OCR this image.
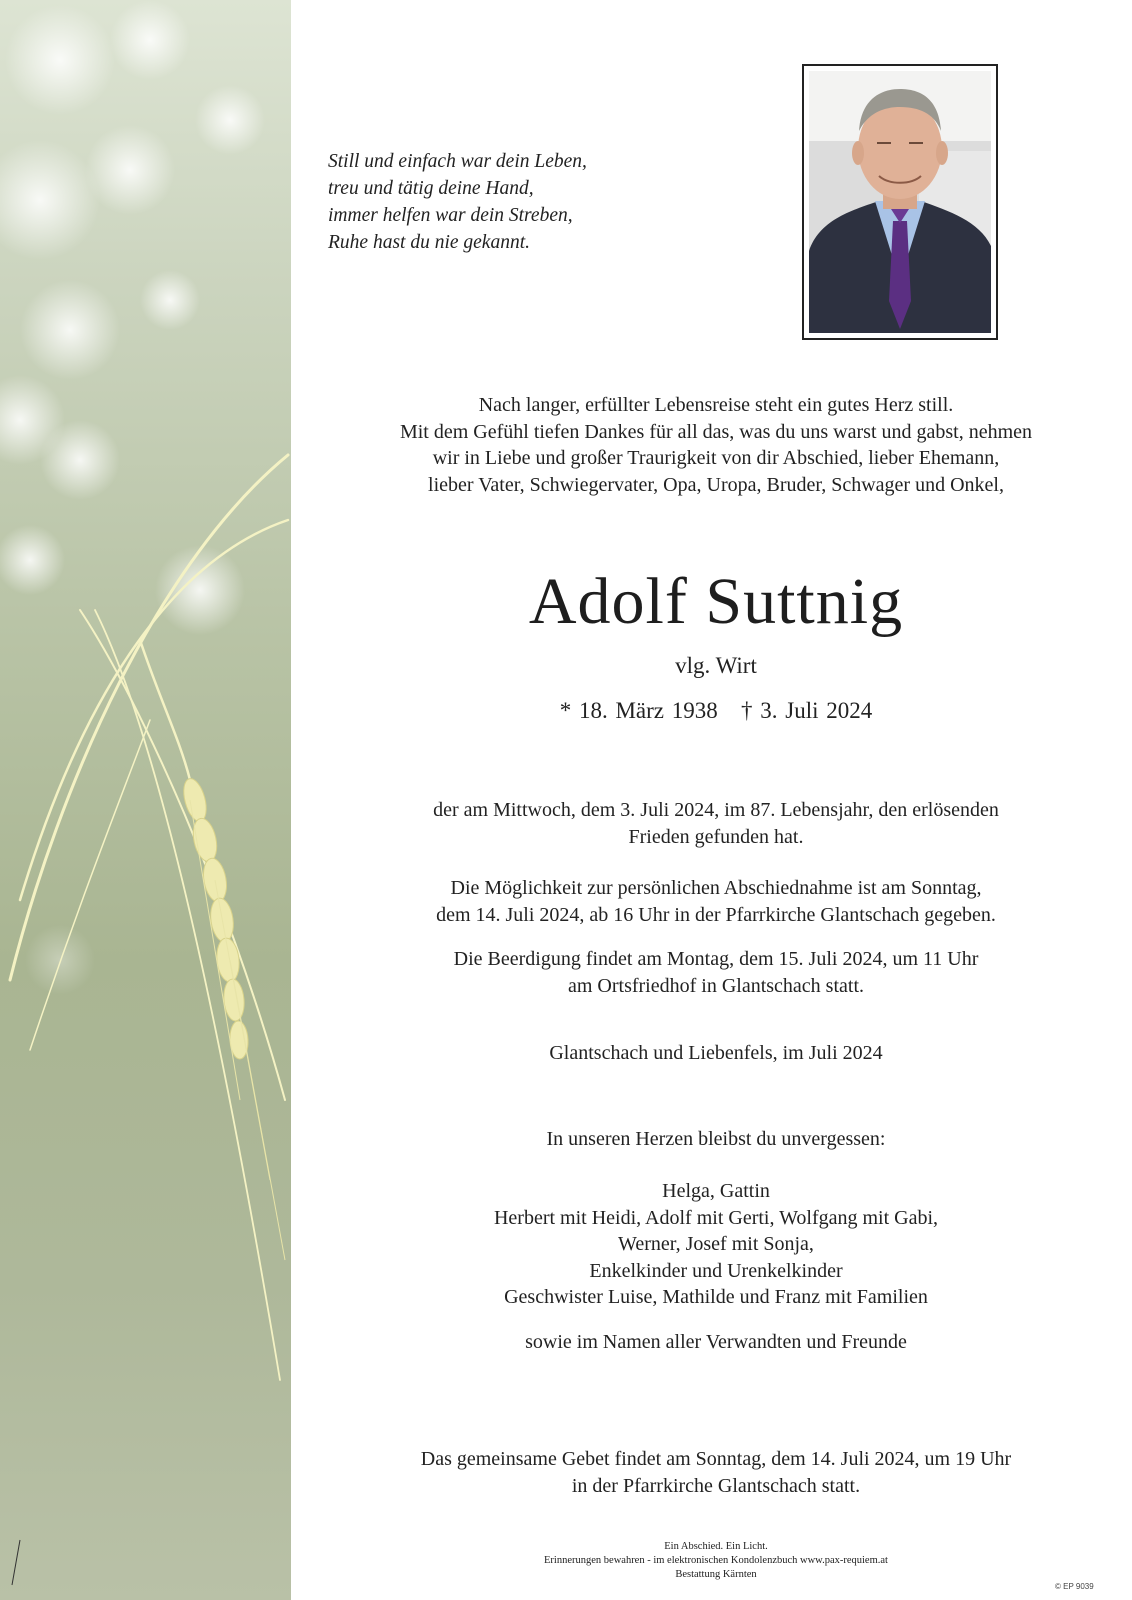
Still und einfach war dein Leben,
treu und tätig deine Hand,
immer helfen war dein Streben,
Ruhe hast du nie gekannt.
Nach langer, erfüllter Lebensreise steht ein gutes Herz still.
Mit dem Gefühl tiefen Dankes für all das, was du uns warst und gabst, nehmen
wir in Liebe und großer Traurigkeit von dir Abschied, lieber Ehemann,
lieber Vater, Schwiegervater, Opa, Uropa, Bruder, Schwager und Onkel,
Adolf Suttnig
vlg. Wirt
* 18. März 1938 † 3. Juli 2024
der am Mittwoch, dem 3. Juli 2024, im 87. Lebensjahr, den erlösenden
Frieden gefunden hat.
Die Möglichkeit zur persönlichen Abschiednahme ist am Sonntag,
dem 14. Juli 2024, ab 16 Uhr in der Pfarrkirche Glantschach gegeben.
Die Beerdigung findet am Montag, dem 15. Juli 2024, um 11 Uhr
am Ortsfriedhof in Glantschach statt.
Glantschach und Liebenfels, im Juli 2024
In unseren Herzen bleibst du unvergessen:
Helga, Gattin
Herbert mit Heidi, Adolf mit Gerti, Wolfgang mit Gabi,
Werner, Josef mit Sonja,
Enkelkinder und Urenkelkinder
Geschwister Luise, Mathilde und Franz mit Familien
sowie im Namen aller Verwandten und Freunde
Das gemeinsame Gebet findet am Sonntag, dem 14. Juli 2024, um 19 Uhr
in der Pfarrkirche Glantschach statt.
Ein Abschied. Ein Licht.
Erinnerungen bewahren - im elektronischen Kondolenzbuch www.pax-requiem.at
Bestattung Kärnten
© EP 9039
